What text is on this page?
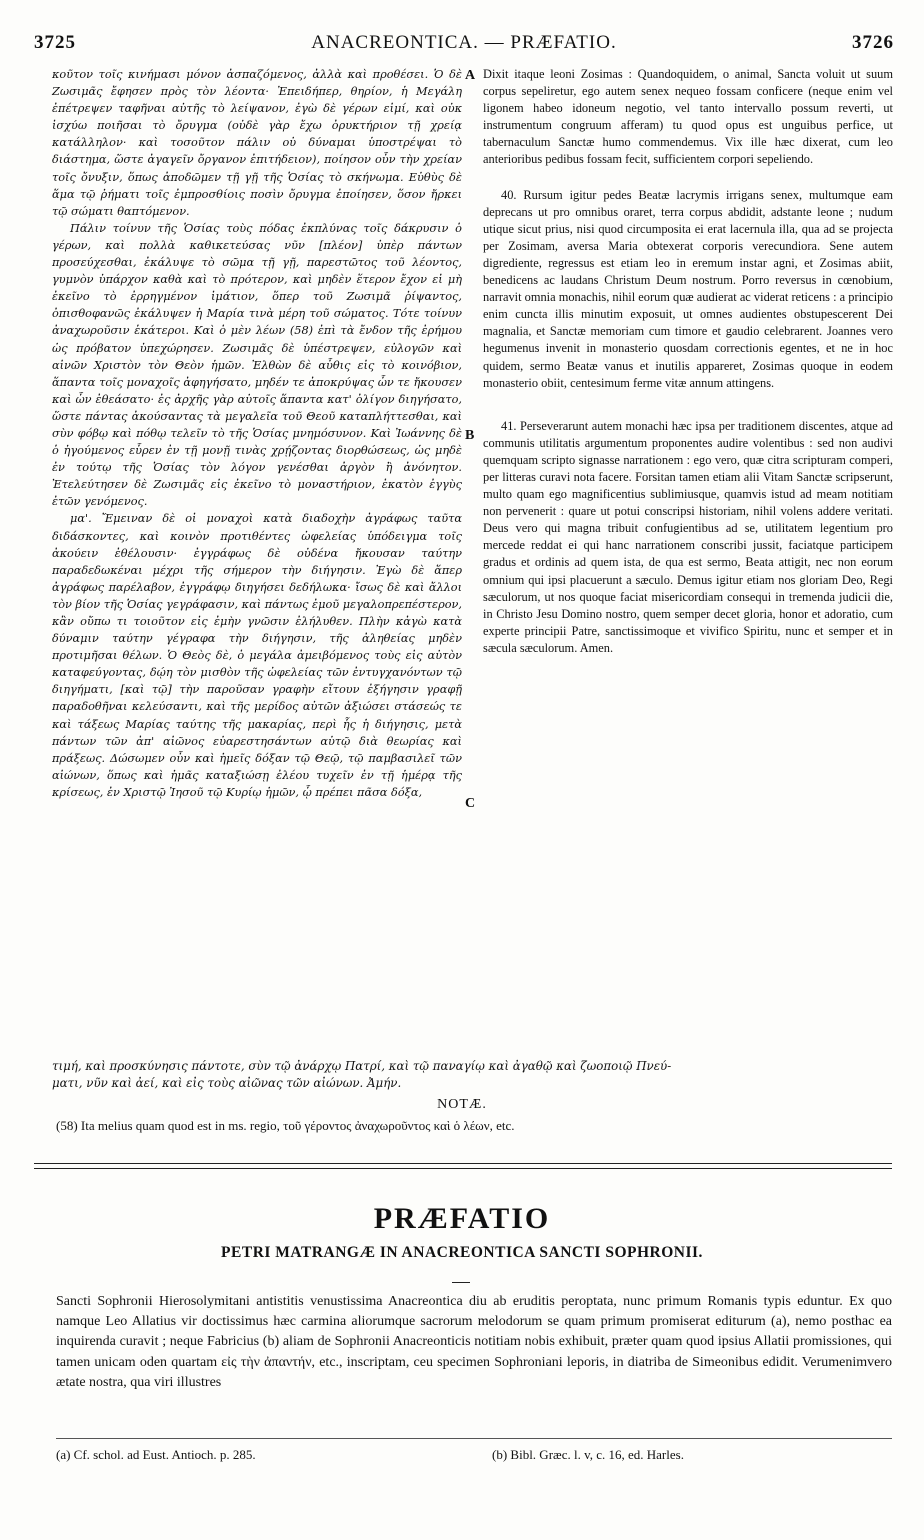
3725	ANACREONTICA. — PRÆFATIO.	3726

κοῦτον τοῖς κινήμασι μόνον ἀσπαζόμενος, ἀλλὰ καὶ προθέσει. Ὁ δὲ Ζωσιμᾶς ἔφησεν πρὸς τὸν λέοντα· Ἐπειδήπερ, θηρίον, ἡ Μεγάλη ἐπέτρεψεν ταφῆναι αὐτῆς τὸ λείψανον, ἐγὼ δὲ γέρων εἰμί, καὶ οὐκ ἰσχύω ποιῆσαι τὸ ὄρυγμα (οὐδὲ γὰρ ἔχω ὀρυκτήριον τῇ χρείᾳ κατάλληλον· καὶ τοσοῦτον πάλιν οὐ δύναμαι ὑποστρέψαι τὸ διάστημα, ὥστε ἀγαγεῖν ὄργανον ἐπιτήδειον), ποίησον οὖν τὴν χρείαν τοῖς ὄνυξιν, ὅπως ἀποδῶμεν τῇ γῇ τῆς Ὁσίας τὸ σκήνωμα. Εὐθὺς δὲ ἅμα τῷ ῥήματι τοῖς ἐμπροσθίοις ποσὶν ὄρυγμα ἐποίησεν, ὅσον ἤρκει τῷ σώματι θαπτόμενον.

Πάλιν τοίνυν τῆς Ὁσίας τοὺς πόδας ἐκπλύνας τοῖς δάκρυσιν ὁ γέρων, καὶ πολλὰ καθικετεύσας νῦν [πλέον] ὑπὲρ πάντων προσεύχεσθαι, ἐκάλυψε τὸ σῶμα τῇ γῇ, παρεστῶτος τοῦ λέοντος, γυμνὸν ὑπάρχον καθὰ καὶ τὸ πρότερον, καὶ μηδὲν ἕτερον ἔχον εἰ μὴ ἐκεῖνο τὸ ἐρρηγμένον ἱμάτιον, ὅπερ τοῦ Ζωσιμᾶ ῥίψαντος, ὀπισθοφανῶς ἐκάλυψεν ἡ Μαρία τινὰ μέρη τοῦ σώματος. Τότε τοίνυν ἀναχωροῦσιν ἑκάτεροι. Καὶ ὁ μὲν λέων (58) ἐπὶ τὰ ἔνδον τῆς ἐρήμου ὡς πρόβατον ὑπεχώρησεν. Ζωσιμᾶς δὲ ὑπέστρεψεν, εὐλογῶν καὶ αἰνῶν Χριστὸν τὸν Θεὸν ἡμῶν. Ἐλθὼν δὲ αὖθις εἰς τὸ κοινόβιον, ἅπαντα τοῖς μοναχοῖς ἀφηγήσατο, μηδέν τε ἀποκρύψας ὧν τε ἤκουσεν καὶ ὧν ἐθεάσατο· ἐς ἀρχῆς γὰρ αὐτοῖς ἅπαντα κατ' ὀλίγον διηγήσατο, ὥστε πάντας ἀκούσαντας τὰ μεγαλεῖα τοῦ Θεοῦ καταπλήττεσθαι, καὶ σὺν φόβῳ καὶ πόθῳ τελεῖν τὸ τῆς Ὁσίας μνημόσυνον. Καὶ Ἰωάννης δὲ ὁ ἡγούμενος εὗρεν ἐν τῇ μονῇ τινὰς χρῄζοντας διορθώσεως, ὡς μηδὲ ἐν τούτῳ τῆς Ὁσίας τὸν λόγον γενέσθαι ἀργὸν ἢ ἀνόνητον. Ἐτελεύτησεν δὲ Ζωσιμᾶς εἰς ἐκεῖνο τὸ μοναστήριον, ἑκατὸν ἐγγὺς ἐτῶν γενόμενος.

μα'. Ἔμειναν δὲ οἱ μοναχοὶ κατὰ διαδοχὴν ἀγράφως ταῦτα διδάσκοντες, καὶ κοινὸν προτιθέντες ὠφελείας ὑπόδειγμα τοῖς ἀκούειν ἐθέλουσιν· ἐγγράφως δὲ οὐδένα ἤκουσαν ταύτην παραδεδωκέναι μέχρι τῆς σήμερον τὴν διήγησιν. Ἐγὼ δὲ ἅπερ ἀγράφως παρέλαβον, ἐγγράφῳ διηγήσει δεδήλωκα· ἴσως δὲ καὶ ἄλλοι τὸν βίον τῆς Ὁσίας γεγράφασιν, καὶ πάντως ἐμοῦ μεγαλοπρεπέστερον, κἂν οὔπω τι τοιοῦτον εἰς ἐμὴν γνῶσιν ἐλήλυθεν. Πλὴν κἀγὼ κατὰ δύναμιν ταύτην γέγραφα τὴν διήγησιν, τῆς ἀληθείας μηδὲν προτιμῆσαι θέλων. Ὁ Θεὸς δὲ, ὁ μεγάλα ἀμειβόμενος τοὺς εἰς αὐτὸν καταφεύγοντας, δῴη τὸν μισθὸν τῆς ὠφελείας τῶν ἐντυγχανόντων τῷ διηγήματι, [καὶ τῷ] τὴν παροῦσαν γραφὴν εἴτουν ἐξήγησιν γραφῇ παραδοθῆναι κελεύσαντι, καὶ τῆς μερίδος αὐτῶν ἀξιώσει στάσεώς τε καὶ τάξεως Μαρίας ταύτης τῆς μακαρίας, περὶ ἧς ἡ διήγησις, μετὰ πάντων τῶν ἀπ' αἰῶνος εὐαρεστησάντων αὐτῷ διὰ θεωρίας καὶ πράξεως. Δώσωμεν οὖν καὶ ἡμεῖς δόξαν τῷ Θεῷ, τῷ παμβασιλεῖ τῶν αἰώνων, ὅπως καὶ ἡμᾶς καταξιώσῃ ἐλέου τυχεῖν ἐν τῇ ἡμέρᾳ τῆς κρίσεως, ἐν Χριστῷ Ἰησοῦ τῷ Κυρίῳ ἡμῶν, ᾧ πρέπει πᾶσα δόξα,

A
B
C

Dixit itaque leoni Zosimas : Quandoquidem, o animal, Sancta voluit ut suum corpus sepeliretur, ego autem senex nequeo fossam conficere (neque enim vel ligonem habeo idoneum negotio, vel tanto intervallo possum reverti, ut instrumentum congruum afferam) tu quod opus est unguibus perfice, ut tabernaculum Sanctæ humo commendemus. Vix ille hæc dixerat, cum leo anterioribus pedibus fossam fecit, sufficientem corpori sepeliendo.

40. Rursum igitur pedes Beatæ lacrymis irrigans senex, multumque eam deprecans ut pro omnibus oraret, terra corpus abdidit, adstante leone ; nudum utique sicut prius, nisi quod circumposita ei erat lacernula illa, qua ad se projecta per Zosimam, aversa Maria obtexerat corporis verecundiora. Sene autem digrediente, regressus est etiam leo in eremum instar agni, et Zosimas abiit, benedicens ac laudans Christum Deum nostrum. Porro reversus in cœnobium, narravit omnia monachis, nihil eorum quæ audierat ac viderat reticens : a principio enim cuncta illis minutim exposuit, ut omnes audientes obstupescerent Dei magnalia, et Sanctæ memoriam cum timore et gaudio celebrarent. Joannes vero hegumenus invenit in monasterio quosdam correctionis egentes, et ne in hoc quidem, sermo Beatæ vanus et inutilis appareret, Zosimas quoque in eodem monasterio obiit, centesimum ferme vitæ annum attingens.

41. Perseverarunt autem monachi hæc ipsa per traditionem discentes, atque ad communis utilitatis argumentum proponentes audire volentibus : sed non audivi quemquam scripto signasse narrationem : ego vero, quæ citra scripturam comperi, per litteras curavi nota facere. Forsitan tamen etiam alii Vitam Sanctæ scripserunt, multo quam ego magnificentius sublimiusque, quamvis istud ad meam notitiam non pervenerit : quare ut potui conscripsi historiam, nihil volens addere veritati. Deus vero qui magna tribuit confugientibus ad se, utilitatem legentium pro mercede reddat ei qui hanc narrationem conscribi jussit, faciatque participem gradus et ordinis ad quem ista, de qua est sermo, Beata attigit, nec non eorum omnium qui ipsi placuerunt a sæculo. Demus igitur etiam nos gloriam Deo, Regi sæculorum, ut nos quoque faciat misericordiam consequi in tremenda judicii die, in Christo Jesu Domino nostro, quem semper decet gloria, honor et adoratio, cum experte principii Patre, sanctissimoque et vivifico Spiritu, nunc et semper et in sæcula sæculorum. Amen.

τιμή, καὶ προσκύνησις πάντοτε, σὺν τῷ ἀνάρχῳ Πατρί, καὶ τῷ παναγίῳ καὶ ἀγαθῷ καὶ ζωοποιῷ Πνεύ-
ματι, νῦν καὶ ἀεί, καὶ εἰς τοὺς αἰῶνας τῶν αἰώνων. Ἀμήν.
NOTÆ.
(58) Ita melius quam quod est in ms. regio, τοῦ γέροντος ἀναχωροῦντος καὶ ὁ λέων, etc.
PRÆFATIO
PETRI MATRANGÆ IN ANACREONTICA SANCTI SOPHRONII.

Sancti Sophronii Hierosolymitani antistitis venustissima Anacreontica diu ab eruditis peroptata, nunc primum Romanis typis eduntur. Ex quo namque Leo Allatius vir doctissimus hæc carmina aliorumque sacrorum melodorum se quam primum promiserat editurum (a), nemo posthac ea inquirenda curavit ; neque Fabricius (b) aliam de Sophronii Anacreonticis notitiam nobis exhibuit, præter quam quod ipsius Allatii promissiones, qui tamen unicam oden quartam εἰς τὴν ἀπαντήν, etc., inscriptam, ceu specimen Sophroniani leporis, in diatriba de Simeonibus edidit. Verumenimvero ætate nostra, qua viri illustres

(a) Cf. schol. ad Eust. Antioch. p. 285.	(b) Bibl. Græc. l. v, c. 16, ed. Harles.
